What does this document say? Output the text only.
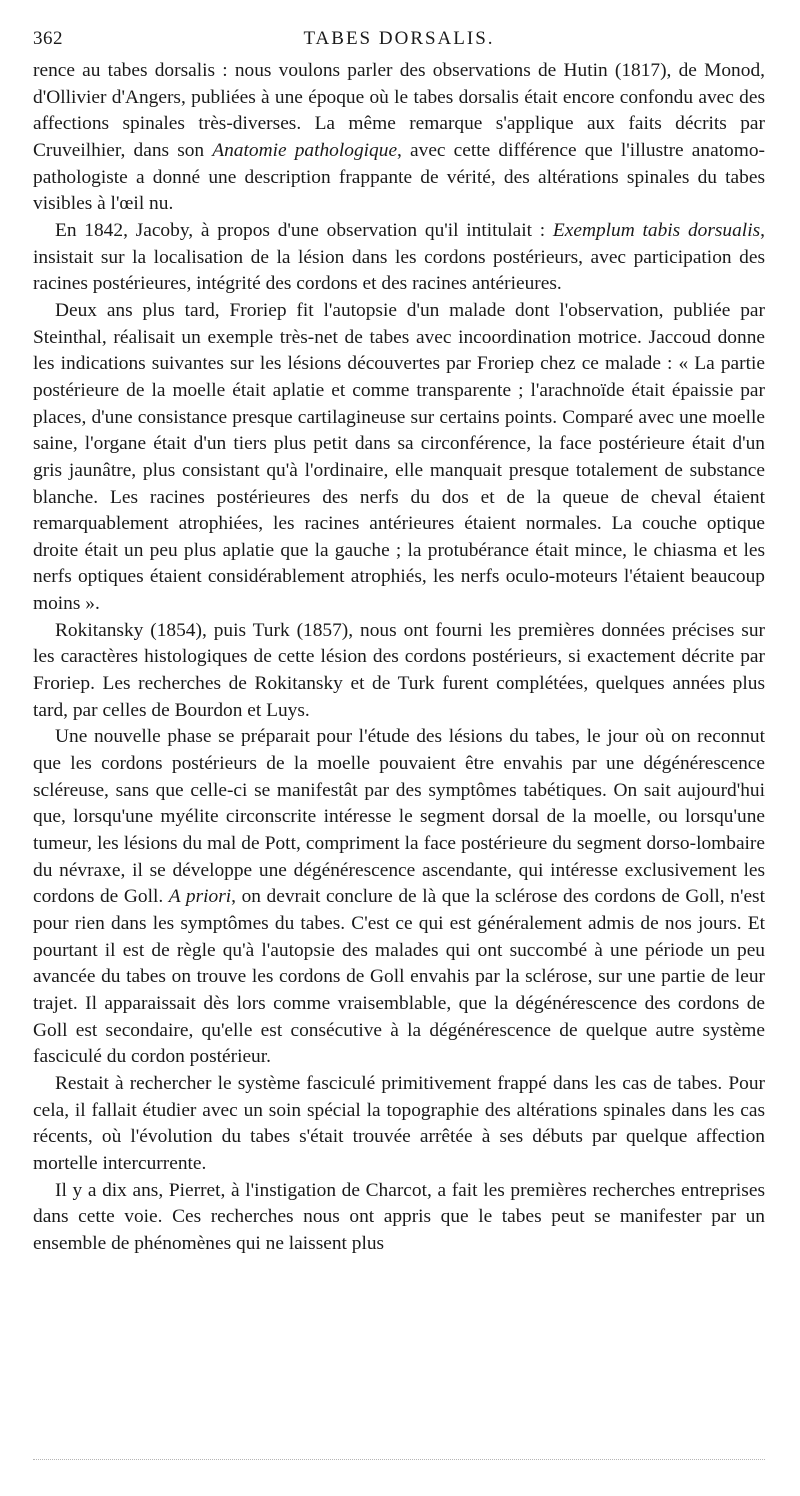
362	TABES DORSALIS.

rence au tabes dorsalis : nous voulons parler des observations de Hutin (1817), de Monod, d'Ollivier d'Angers, publiées à une époque où le tabes dorsalis était encore confondu avec des affections spinales très-diverses. La même remarque s'applique aux faits décrits par Cruveilhier, dans son Anatomie pathologique, avec cette différence que l'illustre anatomo-pathologiste a donné une description frappante de vérité, des altérations spinales du tabes visibles à l'œil nu.

En 1842, Jacoby, à propos d'une observation qu'il intitulait : Exemplum tabis dorsualis, insistait sur la localisation de la lésion dans les cordons postérieurs, avec participation des racines postérieures, intégrité des cordons et des racines antérieures.

Deux ans plus tard, Froriep fit l'autopsie d'un malade dont l'observation, publiée par Steinthal, réalisait un exemple très-net de tabes avec incoordination motrice. Jaccoud donne les indications suivantes sur les lésions découvertes par Froriep chez ce malade : « La partie postérieure de la moelle était aplatie et comme transparente ; l'arachnoïde était épaissie par places, d'une consistance presque cartilagineuse sur certains points. Comparé avec une moelle saine, l'organe était d'un tiers plus petit dans sa circonférence, la face postérieure était d'un gris jaunâtre, plus consistant qu'à l'ordinaire, elle manquait presque totalement de substance blanche. Les racines postérieures des nerfs du dos et de la queue de cheval étaient remarquablement atrophiées, les racines antérieures étaient normales. La couche optique droite était un peu plus aplatie que la gauche ; la protubérance était mince, le chiasma et les nerfs optiques étaient considérablement atrophiés, les nerfs oculo-moteurs l'étaient beaucoup moins ».

Rokitansky (1854), puis Turk (1857), nous ont fourni les premières données précises sur les caractères histologiques de cette lésion des cordons postérieurs, si exactement décrite par Froriep. Les recherches de Rokitansky et de Turk furent complétées, quelques années plus tard, par celles de Bourdon et Luys.

Une nouvelle phase se préparait pour l'étude des lésions du tabes, le jour où on reconnut que les cordons postérieurs de la moelle pouvaient être envahis par une dégénérescence scléreuse, sans que celle-ci se manifestât par des symptômes tabétiques. On sait aujourd'hui que, lorsqu'une myélite circonscrite intéresse le segment dorsal de la moelle, ou lorsqu'une tumeur, les lésions du mal de Pott, compriment la face postérieure du segment dorso-lombaire du névraxe, il se développe une dégénérescence ascendante, qui intéresse exclusivement les cordons de Goll. A priori, on devrait conclure de là que la sclérose des cordons de Goll, n'est pour rien dans les symptômes du tabes. C'est ce qui est généralement admis de nos jours. Et pourtant il est de règle qu'à l'autopsie des malades qui ont succombé à une période un peu avancée du tabes on trouve les cordons de Goll envahis par la sclérose, sur une partie de leur trajet. Il apparaissait dès lors comme vraisemblable, que la dégénérescence des cordons de Goll est secondaire, qu'elle est consécutive à la dégénérescence de quelque autre système fasciculé du cordon postérieur.

Restait à rechercher le système fasciculé primitivement frappé dans les cas de tabes. Pour cela, il fallait étudier avec un soin spécial la topographie des altérations spinales dans les cas récents, où l'évolution du tabes s'était trouvée arrêtée à ses débuts par quelque affection mortelle intercurrente.

Il y a dix ans, Pierret, à l'instigation de Charcot, a fait les premières recherches entreprises dans cette voie. Ces recherches nous ont appris que le tabes peut se manifester par un ensemble de phénomènes qui ne laissent plus
